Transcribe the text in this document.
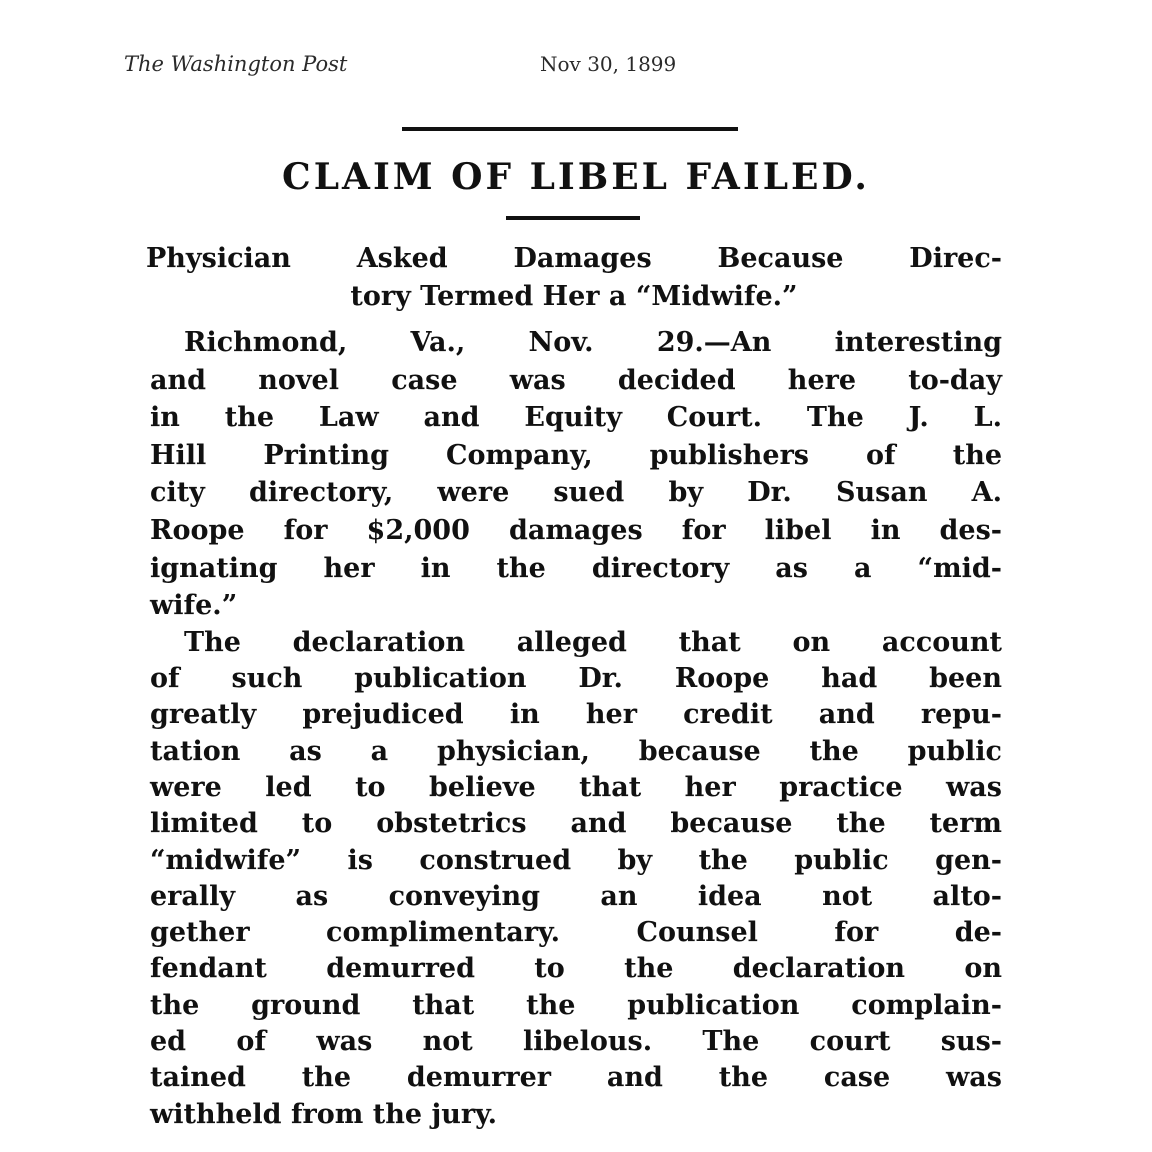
The Washington Post	Nov 30, 1899
CLAIM OF LIBEL FAILED.
Physician Asked Damages Because Direc-
tory Termed Her a “Midwife.”
Richmond, Va., Nov. 29.—An interesting
and novel case was decided here to-day
in the Law and Equity Court. The J. L.
Hill Printing Company, publishers of the
city directory, were sued by Dr. Susan A.
Roope for $2,000 damages for libel in des-
ignating her in the directory as a “mid-
wife.”
The declaration alleged that on account
of such publication Dr. Roope had been
greatly prejudiced in her credit and repu-
tation as a physician, because the public
were led to believe that her practice was
limited to obstetrics and because the term
“midwife” is construed by the public gen-
erally as conveying an idea not alto-
gether complimentary. Counsel for de-
fendant demurred to the declaration on
the ground that the publication complain-
ed of was not libelous. The court sus-
tained the demurrer and the case was
withheld from the jury.
